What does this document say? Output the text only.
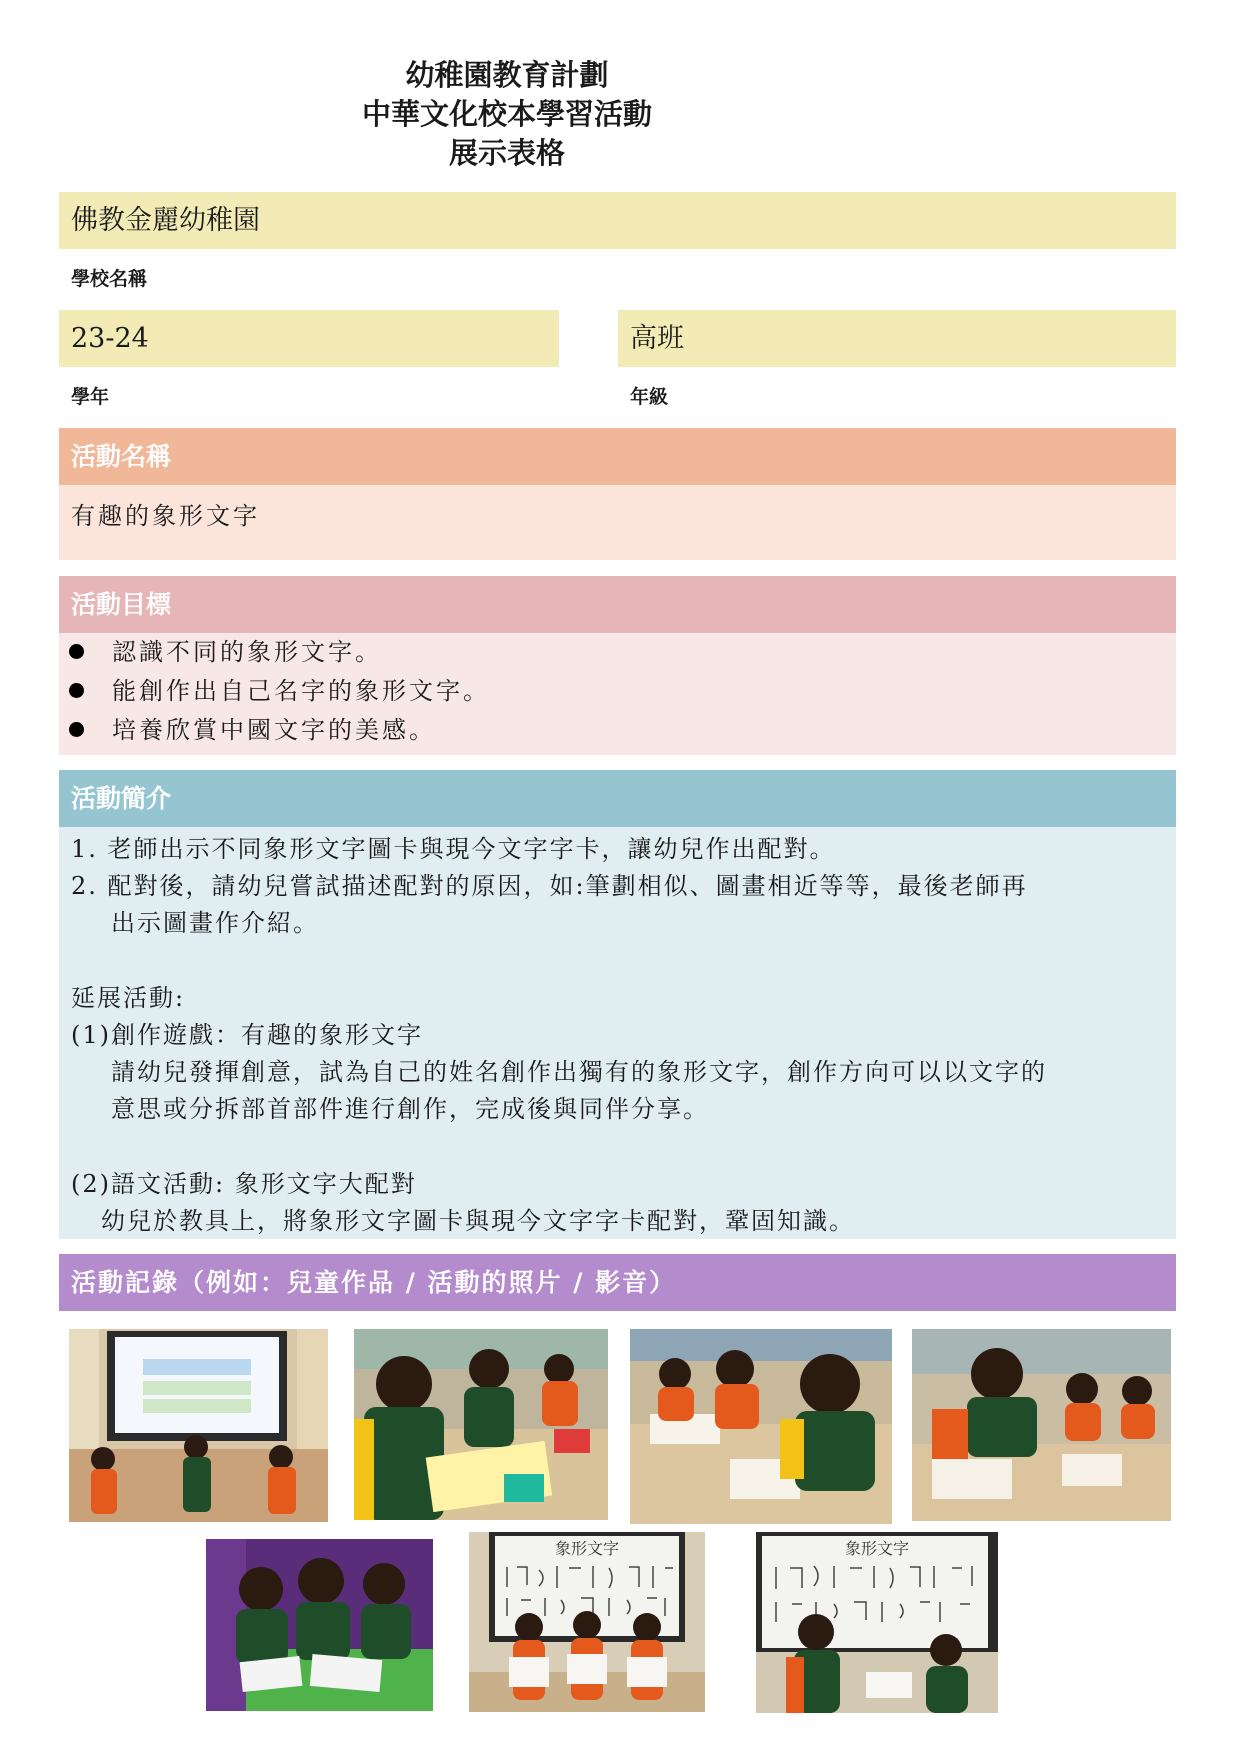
幼稚園教育計劃
中華文化校本學習活動
展示表格
佛教金麗幼稚園
學校名稱
23-24
學年
高班
年級
活動名稱
有趣的象形文字
活動目標
認識不同的象形文字。
能創作出自己名字的象形文字。
培養欣賞中國文字的美感。
活動簡介
1. 老師出示不同象形文字圖卡與現今文字字卡，讓幼兒作出配對。
2. 配對後，請幼兒嘗試描述配對的原因，如:筆劃相似、圖畫相近等等，最後老師再
出示圖畫作介紹。
延展活動:
(1)創作遊戲：有趣的象形文字
請幼兒發揮創意，試為自己的姓名創作出獨有的象形文字，創作方向可以以文字的
意思或分拆部首部件進行創作，完成後與同伴分享。
(2)語文活動: 象形文字大配對
幼兒於教具上，將象形文字圖卡與現今文字字卡配對，鞏固知識。
活動記錄（例如：兒童作品 / 活動的照片 / 影音）
象形文字	象形文字
